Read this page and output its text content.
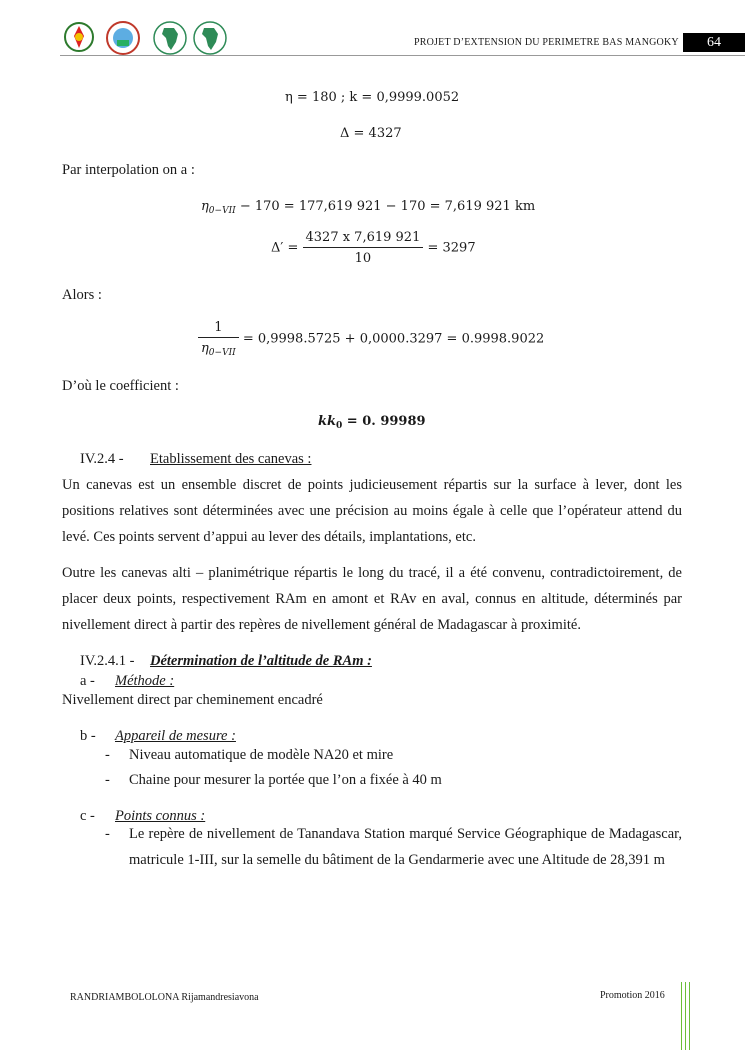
PROJET D’EXTENSION DU PERIMETRE BAS MANGOKY	64
η = 180 ; k = 0,9999.0052
Δ = 4327
Par interpolation on a :
$\eta_{0-VII} - 170 = 177,619$ 921 − 170 = 7,619 921 km
$\Delta' = \frac{4327 x 7,619 921}{10} = 3297$
Alors :
$\frac{1}{\eta_{0-VII}} = 0,9998.5725 + 0,0000.3297 = 0.9998.9022$
D’où le coefficient :
$kk_0 = 0$. 99989
IV.2.4 - Etablissement des canevas :
Un canevas est un ensemble discret de points judicieusement répartis sur la surface à lever, dont les positions relatives sont déterminées avec une précision au moins égale à celle que l’opérateur attend du levé. Ces points servent d’appui au lever des détails, implantations, etc.
Outre les canevas alti – planimétrique répartis le long du tracé, il a été convenu, contradictoirement, de placer deux points, respectivement RAm en amont et RAv en aval, connus en altitude, déterminés par nivellement direct à partir des repères de nivellement général de Madagascar à proximité.
IV.2.4.1 - Détermination de l’altitude de RAm :
a - Méthode :
Nivellement direct par cheminement encadré
b - Appareil de mesure :
- Niveau automatique de modèle NA20 et mire
- Chaine pour mesurer la portée que l’on a fixée à 40 m
c - Points connus :
- Le repère de nivellement de Tanandava Station marqué Service Géographique de Madagascar, matricule 1-III, sur la semelle du bâtiment de la Gendarmerie avec une Altitude de 28,391 m
RANDRIAMBOLOLONA Rijamandresiavona	Promotion 2016
